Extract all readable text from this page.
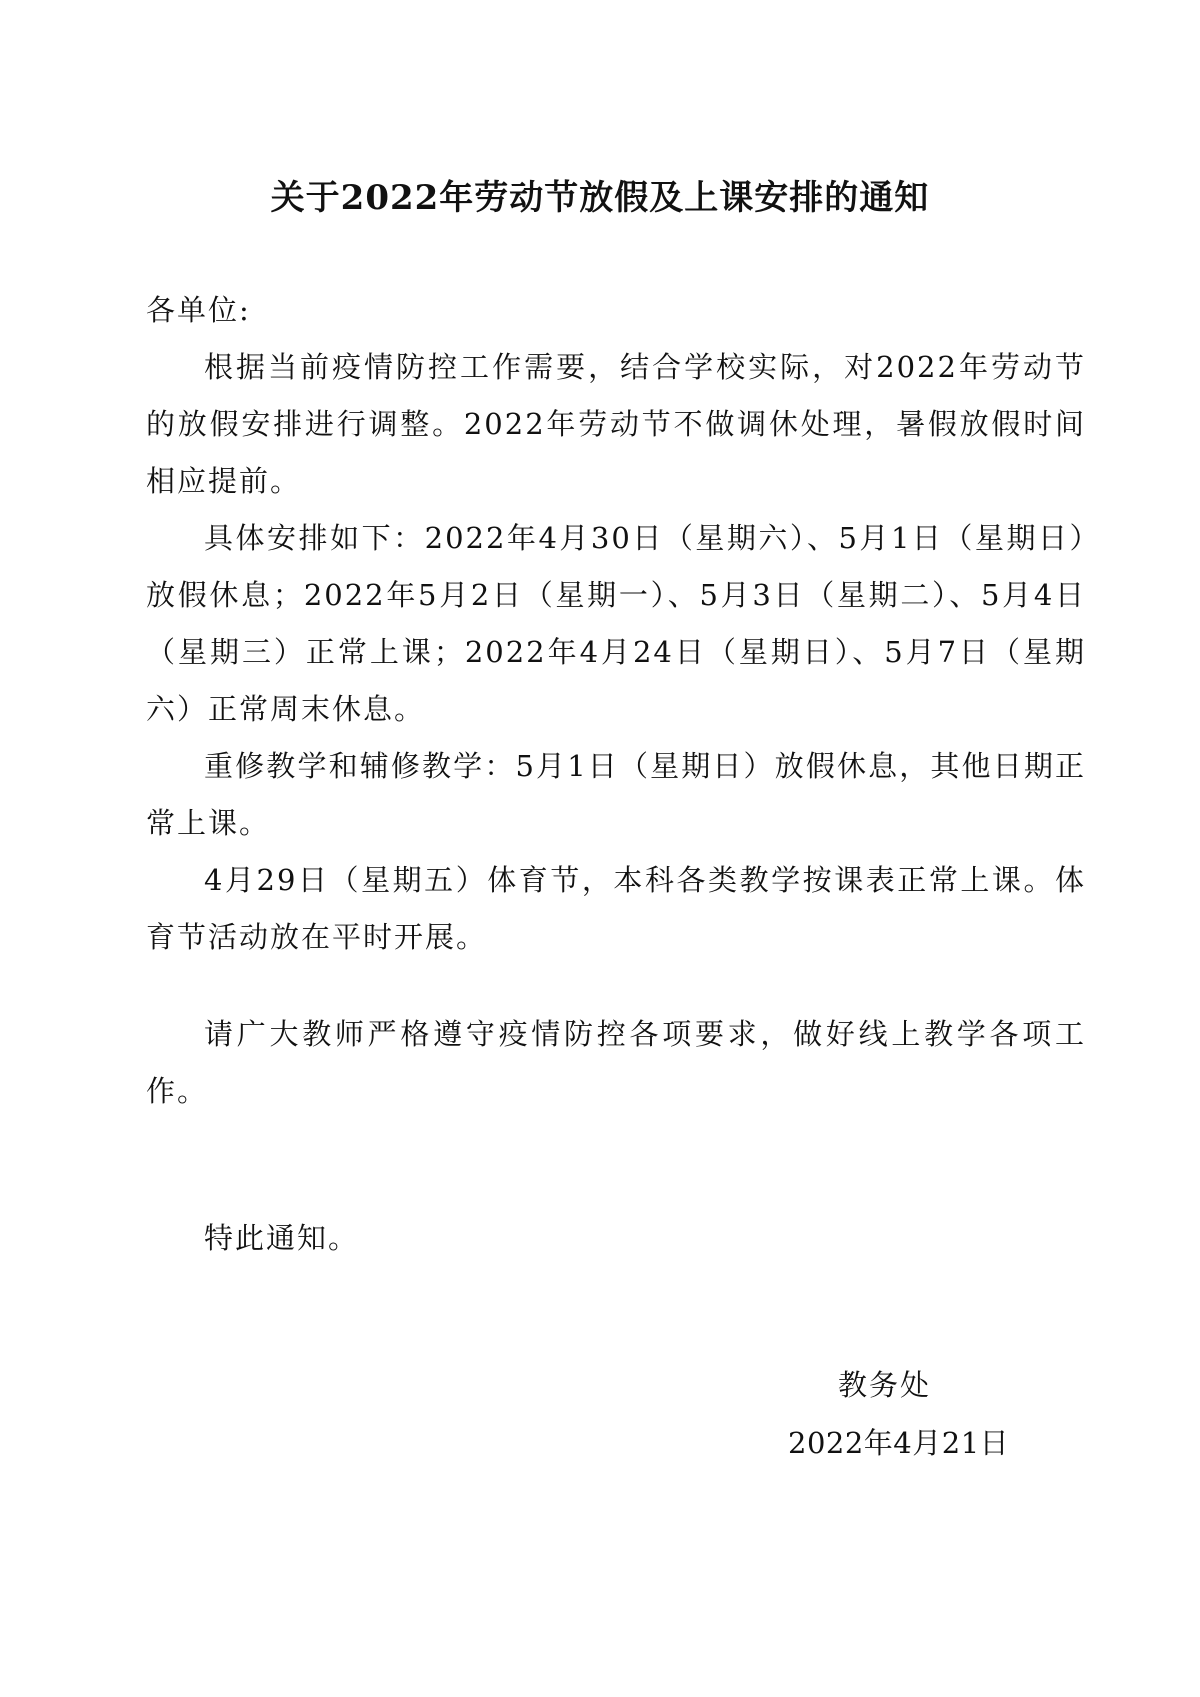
关于2022年劳动节放假及上课安排的通知

各单位:

根据当前疫情防控工作需要，结合学校实际，对2022年劳动节的放假安排进行调整。2022年劳动节不做调休处理，暑假放假时间相应提前。

具体安排如下：2022年4月30日（星期六）、5月1日（星期日）放假休息；2022年5月2日（星期一）、5月3日（星期二）、5月4日（星期三）正常上课；2022年4月24日（星期日）、5月7日（星期六）正常周末休息。

重修教学和辅修教学：5月1日（星期日）放假休息，其他日期正常上课。

4月29日（星期五）体育节，本科各类教学按课表正常上课。体育节活动放在平时开展。

请广大教师严格遵守疫情防控各项要求，做好线上教学各项工作。

特此通知。

教务处
2022年4月21日
